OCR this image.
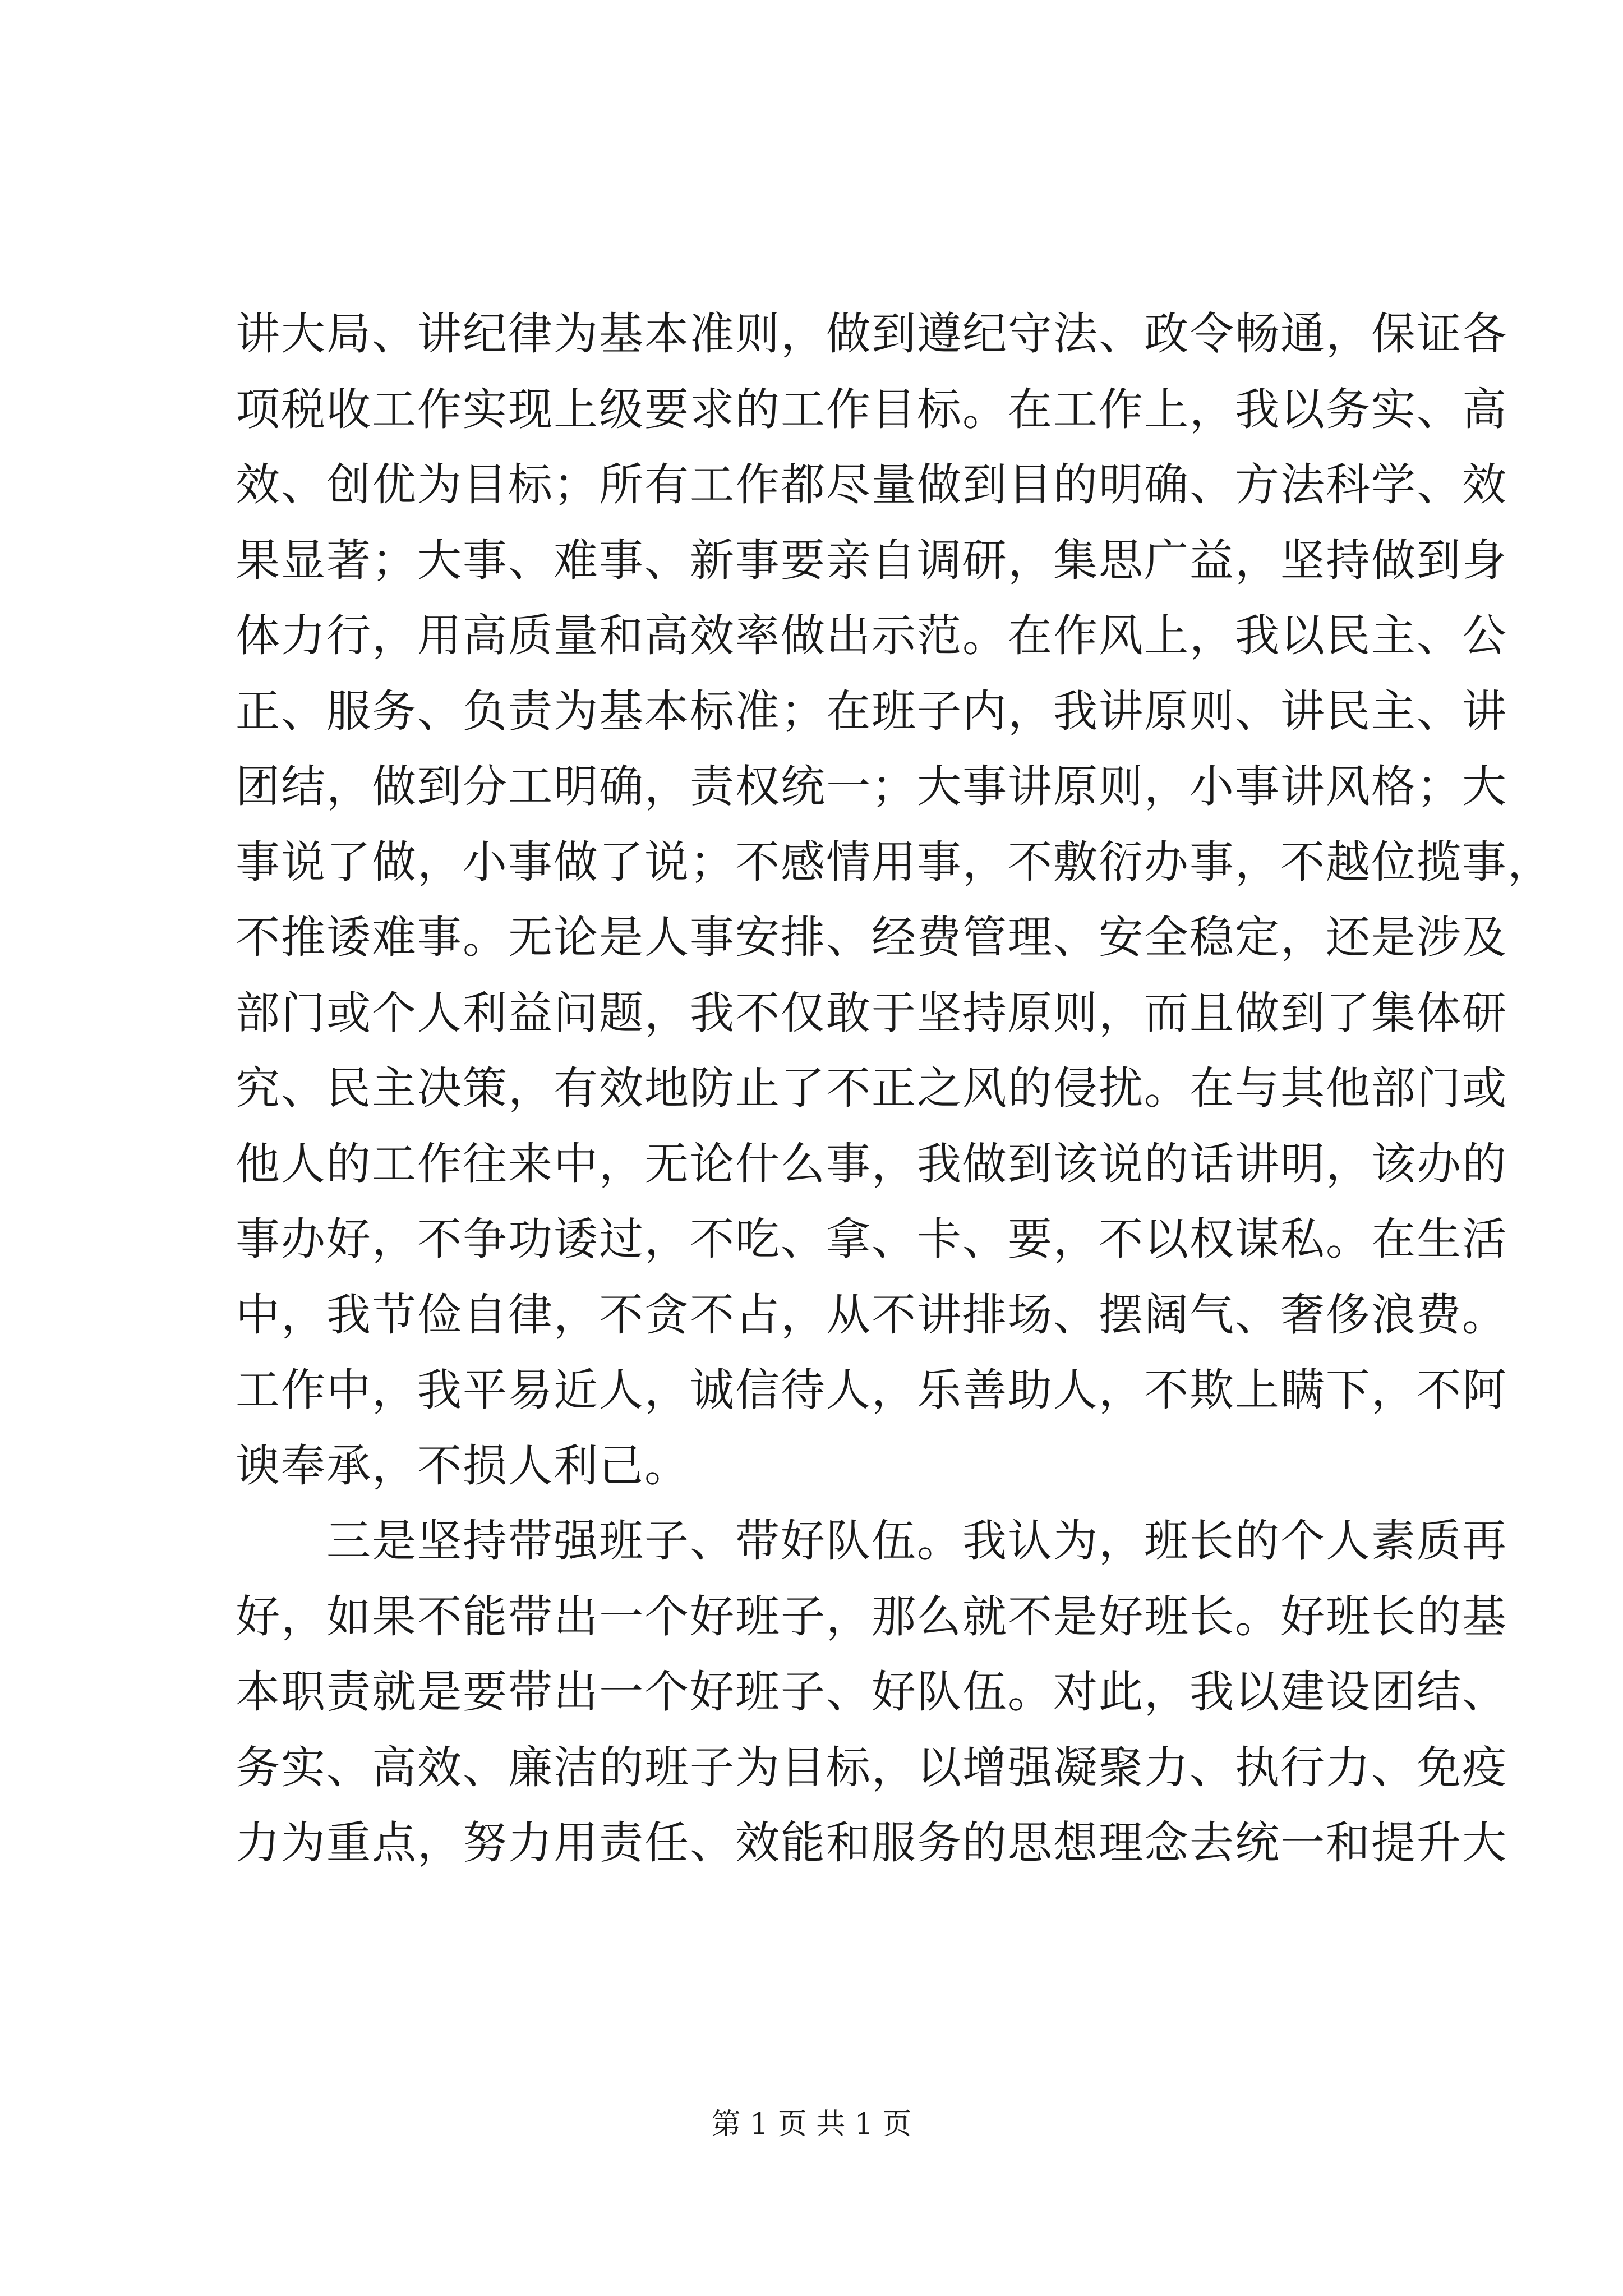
讲大局、讲纪律为基本准则，做到遵纪守法、政令畅通，保证各
项税收工作实现上级要求的工作目标。在工作上，我以务实、高
效、创优为目标；所有工作都尽量做到目的明确、方法科学、效
果显著；大事、难事、新事要亲自调研，集思广益，坚持做到身
体力行，用高质量和高效率做出示范。在作风上，我以民主、公
正、服务、负责为基本标准；在班子内，我讲原则、讲民主、讲
团结，做到分工明确，责权统一；大事讲原则，小事讲风格；大
事说了做，小事做了说；不感情用事，不敷衍办事，不越位揽事，
不推诿难事。无论是人事安排、经费管理、安全稳定，还是涉及
部门或个人利益问题，我不仅敢于坚持原则，而且做到了集体研
究、民主决策，有效地防止了不正之风的侵扰。在与其他部门或
他人的工作往来中，无论什么事，我做到该说的话讲明，该办的
事办好，不争功诿过，不吃、拿、卡、要，不以权谋私。在生活
中，我节俭自律，不贪不占，从不讲排场、摆阔气、奢侈浪费。
工作中，我平易近人，诚信待人，乐善助人，不欺上瞒下，不阿
谀奉承，不损人利己。
　　三是坚持带强班子、带好队伍。我认为，班长的个人素质再
好，如果不能带出一个好班子，那么就不是好班长。好班长的基
本职责就是要带出一个好班子、好队伍。对此，我以建设团结、
务实、高效、廉洁的班子为目标，以增强凝聚力、执行力、免疫
力为重点，努力用责任、效能和服务的思想理念去统一和提升大
第 1 页 共 1 页
